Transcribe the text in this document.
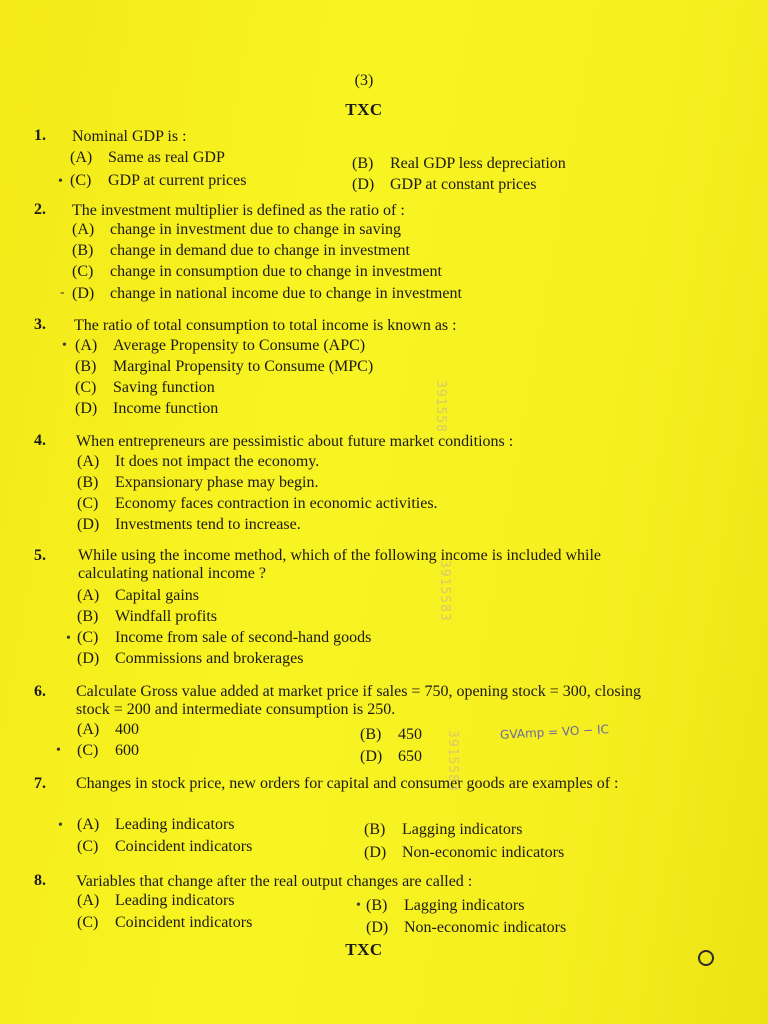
(3)
TXC
1. Nominal GDP is :
(A) Same as real GDP	(B) Real GDP less depreciation
• (C) GDP at current prices	(D) GDP at constant prices
2. The investment multiplier is defined as the ratio of :
(A) change in investment due to change in saving
(B) change in demand due to change in investment
(C) change in consumption due to change in investment
- (D) change in national income due to change in investment
3. The ratio of total consumption to total income is known as :
• (A) Average Propensity to Consume (APC)
(B) Marginal Propensity to Consume (MPC)
(C) Saving function
(D) Income function
4. When entrepreneurs are pessimistic about future market conditions :
(A) It does not impact the economy.
(B) Expansionary phase may begin.
(C) Economy faces contraction in economic activities.
(D) Investments tend to increase.
5. While using the income method, which of the following income is included while calculating national income ?
(A) Capital gains
(B) Windfall profits
• (C) Income from sale of second-hand goods
(D) Commissions and brokerages
6. Calculate Gross value added at market price if sales = 750, opening stock = 300, closing stock = 200 and intermediate consumption is 250.
(A) 400	(B) 450
• (C) 600	(D) 650
GVAmp = VO − IC
7. Changes in stock price, new orders for capital and consumer goods are examples of :
• (A) Leading indicators	(B) Lagging indicators
(C) Coincident indicators	(D) Non-economic indicators
8. Variables that change after the real output changes are called :
(A) Leading indicators	• (B) Lagging indicators
(C) Coincident indicators	(D) Non-economic indicators
TXC
391558
3915583
3915583
